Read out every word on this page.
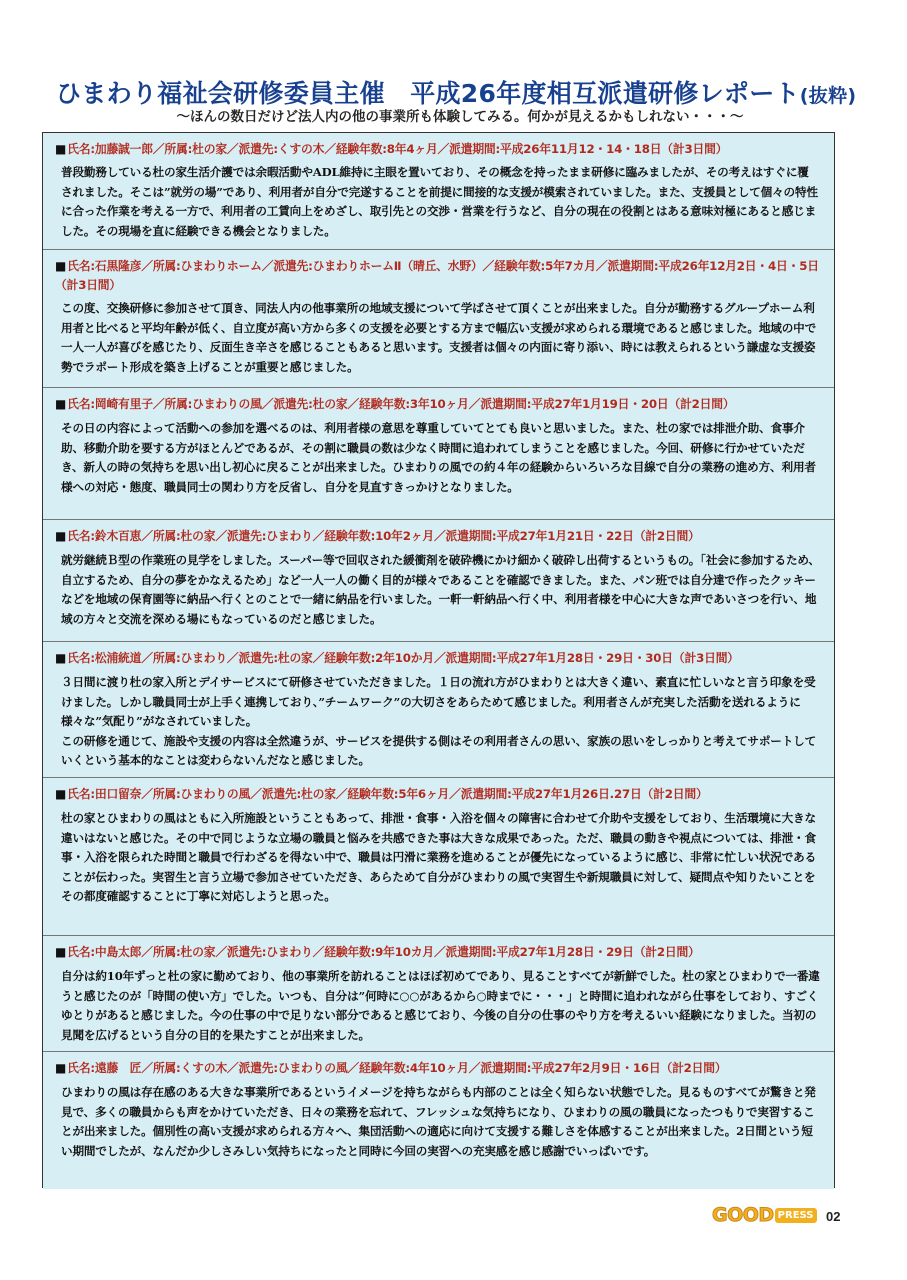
ひまわり福祉会研修委員主催　平成26年度相互派遣研修レポート(抜粋)
～ほんの数日だけど法人内の他の事業所も体験してみる。何かが見えるかもしれない・・・～
■氏名:加藤誠一郎／所属:杜の家／派遣先:くすの木／経験年数:8年4ヶ月／派遣期間:平成26年11月12・14・18日（計3日間）

普段勤務している杜の家生活介護では余暇活動やADL維持に主眼を置いており、その概念を持ったまま研修に臨みましたが、その考えはすぐに覆されました。そこは”就労の場”であり、利用者が自分で完遂することを前提に間接的な支援が模索されていました。また、支援員として個々の特性に合った作業を考える一方で、利用者の工賃向上をめざし、取引先との交渉・営業を行うなど、自分の現在の役割とはある意味対極にあると感じました。その現場を直に経験できる機会となりました。

■氏名:石黒隆彦／所属:ひまわりホーム／派遣先:ひまわりホームⅡ（晴丘、水野）／経験年数:5年7カ月／派遣期間:平成26年12月2日・4日・5日（計3日間）

この度、交換研修に参加させて頂き、同法人内の他事業所の地域支援について学ばさせて頂くことが出来ました。自分が勤務するグループホーム利用者と比べると平均年齢が低く、自立度が高い方から多くの支援を必要とする方まで幅広い支援が求められる環境であると感じました。地域の中で一人一人が喜びを感じたり、反面生き辛さを感じることもあると思います。支援者は個々の内面に寄り添い、時には教えられるという謙虚な支援姿勢でラポート形成を築き上げることが重要と感じました。

■氏名:岡崎有里子／所属:ひまわりの風／派遣先:杜の家／経験年数:3年10ヶ月／派遣期間:平成27年1月19日・20日（計2日間）

その日の内容によって活動への参加を選べるのは、利用者様の意思を尊重していてとても良いと思いました。また、杜の家では排泄介助、食事介助、移動介助を要する方がほとんどであるが、その割に職員の数は少なく時間に追われてしまうことを感じました。今回、研修に行かせていただき、新人の時の気持ちを思い出し初心に戻ることが出来ました。ひまわりの風での約４年の経験からいろいろな目線で自分の業務の進め方、利用者様への対応・態度、職員同士の関わり方を反省し、自分を見直すきっかけとなりました。

■氏名:鈴木百恵／所属:杜の家／派遣先:ひまわり／経験年数:10年2ヶ月／派遣期間:平成27年1月21日・22日（計2日間）

就労継続Ｂ型の作業班の見学をしました。スーパー等で回収された緩衝剤を破砕機にかけ細かく破砕し出荷するというもの。「社会に参加するため、自立するため、自分の夢をかなえるため」など一人一人の働く目的が様々であることを確認できました。また、パン班では自分達で作ったクッキーなどを地域の保育園等に納品へ行くとのことで一緒に納品を行いました。一軒一軒納品へ行く中、利用者様を中心に大きな声であいさつを行い、地域の方々と交流を深める場にもなっているのだと感じました。

■氏名:松浦統道／所属:ひまわり／派遣先:杜の家／経験年数:2年10か月／派遣期間:平成27年1月28日・29日・30日（計3日間）

３日間に渡り杜の家入所とデイサービスにて研修させていただきました。１日の流れ方がひまわりとは大きく違い、素直に忙しいなと言う印象を受けました。しかし職員同士が上手く連携しており、”チームワーク”の大切さをあらためて感じました。利用者さんが充実した活動を送れるように様々な”気配り”がなされていました。

この研修を通じて、施設や支援の内容は全然違うが、サービスを提供する側はその利用者さんの思い、家族の思いをしっかりと考えてサポートしていくという基本的なことは変わらないんだなと感じました。

■氏名:田口留奈／所属:ひまわりの風／派遣先:杜の家／経験年数:5年6ヶ月／派遣期間:平成27年1月26日.27日（計2日間）

杜の家とひまわりの風はともに入所施設ということもあって、排泄・食事・入浴を個々の障害に合わせて介助や支援をしており、生活環境に大きな違いはないと感じた。その中で同じような立場の職員と悩みを共感できた事は大きな成果であった。ただ、職員の動きや視点については、排泄・食事・入浴を限られた時間と職員で行わざるを得ない中で、職員は円滑に業務を進めることが優先になっているように感じ、非常に忙しい状況であることが伝わった。実習生と言う立場で参加させていただき、あらためて自分がひまわりの風で実習生や新規職員に対して、疑問点や知りたいことをその都度確認することに丁寧に対応しようと思った。

■氏名:中島太郎／所属:杜の家／派遣先:ひまわり／経験年数:9年10カ月／派遣期間:平成27年1月28日・29日（計2日間）

自分は約10年ずっと杜の家に勤めており、他の事業所を訪れることはほぼ初めてであり、見ることすべてが新鮮でした。杜の家とひまわりで一番違うと感じたのが「時間の使い方」でした。いつも、自分は”何時に○○があるから○時までに・・・」と時間に追われながら仕事をしており、すごくゆとりがあると感じました。今の仕事の中で足りない部分であると感じており、今後の自分の仕事のやり方を考えるいい経験になりました。当初の見聞を広げるという自分の目的を果たすことが出来ました。

■氏名:遠藤　匠／所属:くすの木／派遣先:ひまわりの風／経験年数:4年10ヶ月／派遣期間:平成27年2月9日・16日（計2日間）

ひまわりの風は存在感のある大きな事業所であるというイメージを持ちながらも内部のことは全く知らない状態でした。見るものすべてが驚きと発見で、多くの職員からも声をかけていただき、日々の業務を忘れて、フレッシュな気持ちになり、ひまわりの風の職員になったつもりで実習することが出来ました。個別性の高い支援が求められる方々へ、集団活動への適応に向けて支援する難しさを体感することが出来ました。2日間という短い期間でしたが、なんだか少しさみしい気持ちになったと同時に今回の実習への充実感を感じ感謝でいっぱいです。

GOOD PRESS 02
